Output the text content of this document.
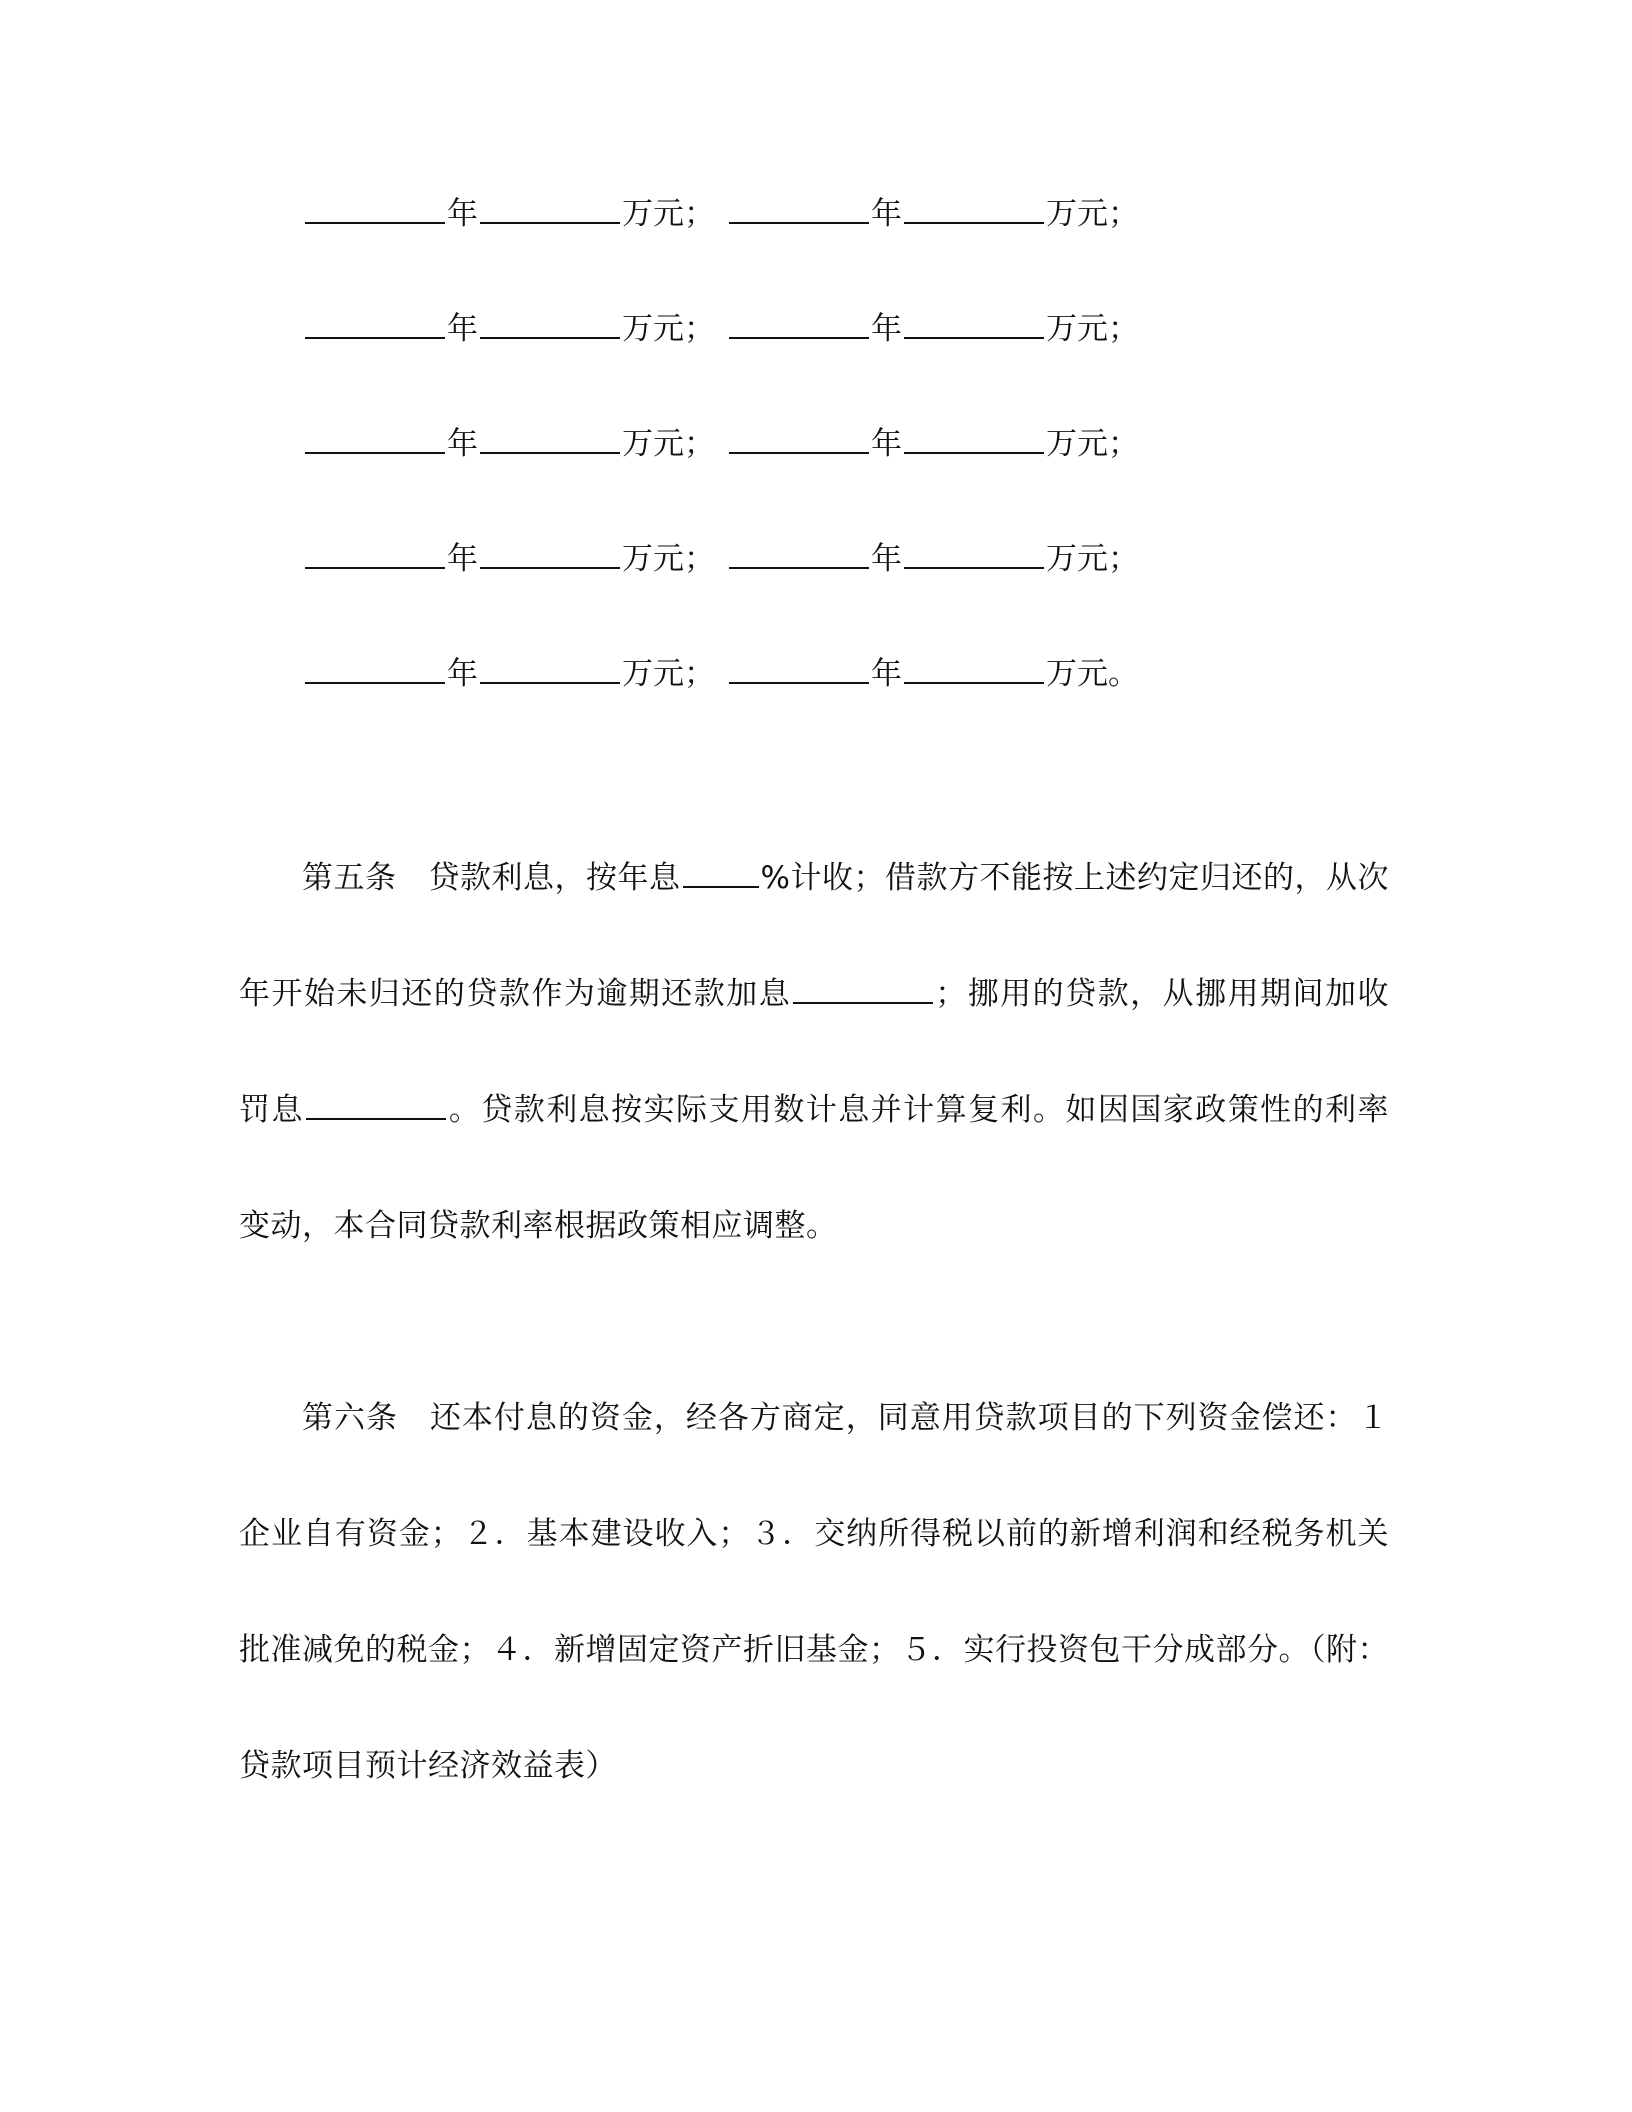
年	万元；	年	万元；
年	万元；	年	万元；
年	万元；	年	万元；
年	万元；	年	万元；
年	万元；	年	万元。

第五条 贷款利息，按年息	%计收；借款方不能按上述约定归还的，从次年开始未归还的贷款作为逾期还款加息	；挪用的贷款，从挪用期间加收罚息	。贷款利息按实际支用数计息并计算复利。如因国家政策性的利率变动，本合同贷款利率根据政策相应调整。

第六条 还本付息的资金，经各方商定，同意用贷款项目的下列资金偿还：１企业自有资金；２．基本建设收入；３．交纳所得税以前的新增利润和经税务机关批准减免的税金；４．新增固定资产折旧基金；５．实行投资包干分成部分。（附：贷款项目预计经济效益表）
